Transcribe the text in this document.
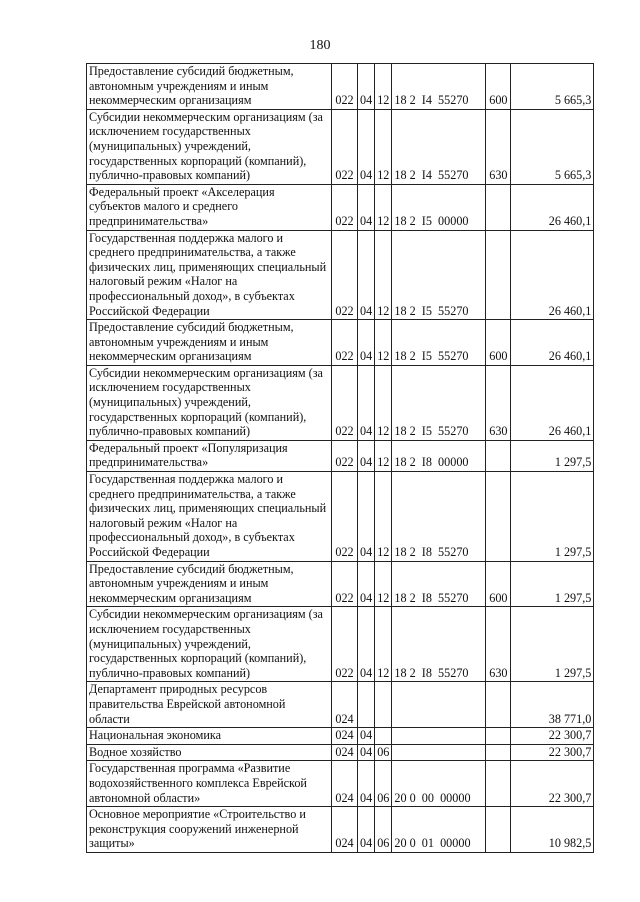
180
Предоставление субсидий бюджетным, автономным учреждениям и иным некоммерческим организациям	022	04	12	18 2  I4  55270	600	5 665,3
Субсидии некоммерческим организациям (за исключением государственных (муниципальных) учреждений, государственных корпораций (компаний), публично-правовых компаний)	022	04	12	18 2  I4  55270	630	5 665,3
Федеральный проект «Акселерация субъектов малого и среднего предпринимательства»	022	04	12	18 2  I5  00000		26 460,1
Государственная поддержка малого и среднего предпринимательства, а также физических лиц, применяющих специальный налоговый режим «Налог на профессиональный доход», в субъектах Российской Федерации	022	04	12	18 2  I5  55270		26 460,1
Предоставление субсидий бюджетным, автономным учреждениям и иным некоммерческим организациям	022	04	12	18 2  I5  55270	600	26 460,1
Субсидии некоммерческим организациям (за исключением государственных (муниципальных) учреждений, государственных корпораций (компаний), публично-правовых компаний)	022	04	12	18 2  I5  55270	630	26 460,1
Федеральный проект «Популяризация предпринимательства»	022	04	12	18 2  I8  00000		1 297,5
Государственная поддержка малого и среднего предпринимательства, а также физических лиц, применяющих специальный налоговый режим «Налог на профессиональный доход», в субъектах Российской Федерации	022	04	12	18 2  I8  55270		1 297,5
Предоставление субсидий бюджетным, автономным учреждениям и иным некоммерческим организациям	022	04	12	18 2  I8  55270	600	1 297,5
Субсидии некоммерческим организациям (за исключением государственных (муниципальных) учреждений, государственных корпораций (компаний), публично-правовых компаний)	022	04	12	18 2  I8  55270	630	1 297,5
Департамент природных ресурсов правительства Еврейской автономной области	024					38 771,0
Национальная экономика	024	04				22 300,7
Водное хозяйство	024	04	06			22 300,7
Государственная программа «Развитие водохозяйственного комплекса Еврейской автономной области»	024	04	06	20 0  00  00000		22 300,7
Основное мероприятие «Строительство и реконструкция сооружений инженерной защиты»	024	04	06	20 0  01  00000		10 982,5
